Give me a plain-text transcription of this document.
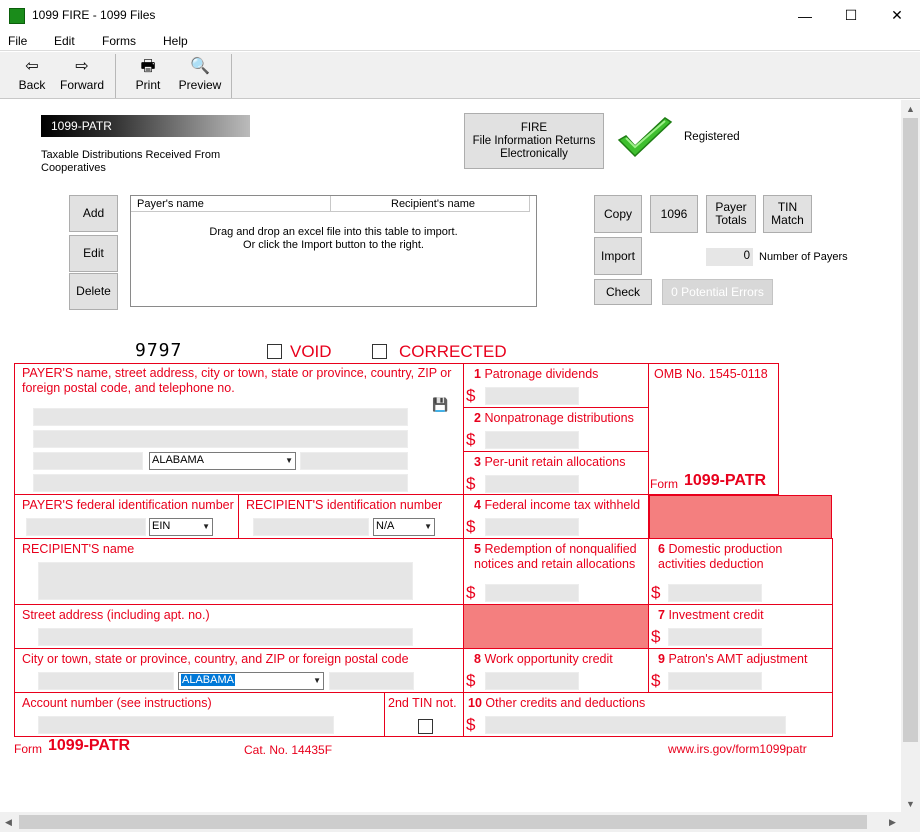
1099 FIRE - 1099 Files	—	☐	✕
File Edit Forms Help
⇦
Back
⇨
Forward
🖶
Print
🔍
Preview
1099-PATR
Taxable Distributions Received From Cooperatives
FIRE
File Information Returns
Electronically
Registered
Add
Edit
Delete
Payer's name	Recipient's name
Drag and drop an excel file into this table to import.
Or click the Import button to the right.
Copy	1096	Payer
Totals
TIN
Match
Import
Check	0 Potential Errors
0 Number of Payers
9797	VOID	CORRECTED
PAYER'S name, street address, city or town, state or province, country, ZIP or foreign postal code, and telephone no.
💾
ALABAMA	▼
PAYER'S federal identification number
EIN	▼
RECIPIENT'S identification number
N/A	▼
RECIPIENT'S name
Street address (including apt. no.)
City or town, state or province, country, and ZIP or foreign postal code
ALABAMA	▼
Account number (see instructions)	2nd TIN not.
1 Patronage dividends
$
2 Nonpatronage distributions
$
3 Per-unit retain allocations
$
OMB No. 1545-0118
Form 1099-PATR
4 Federal income tax withheld
$
5 Redemption of nonqualified notices and retain allocations
$
6 Domestic production activities deduction
$
7 Investment credit
$
8 Work opportunity credit
$
9 Patron's AMT adjustment
$
10 Other credits and deductions
$
Form 1099-PATR	Cat. No. 14435F	www.irs.gov/form1099patr
▲
▼
◀	▶
